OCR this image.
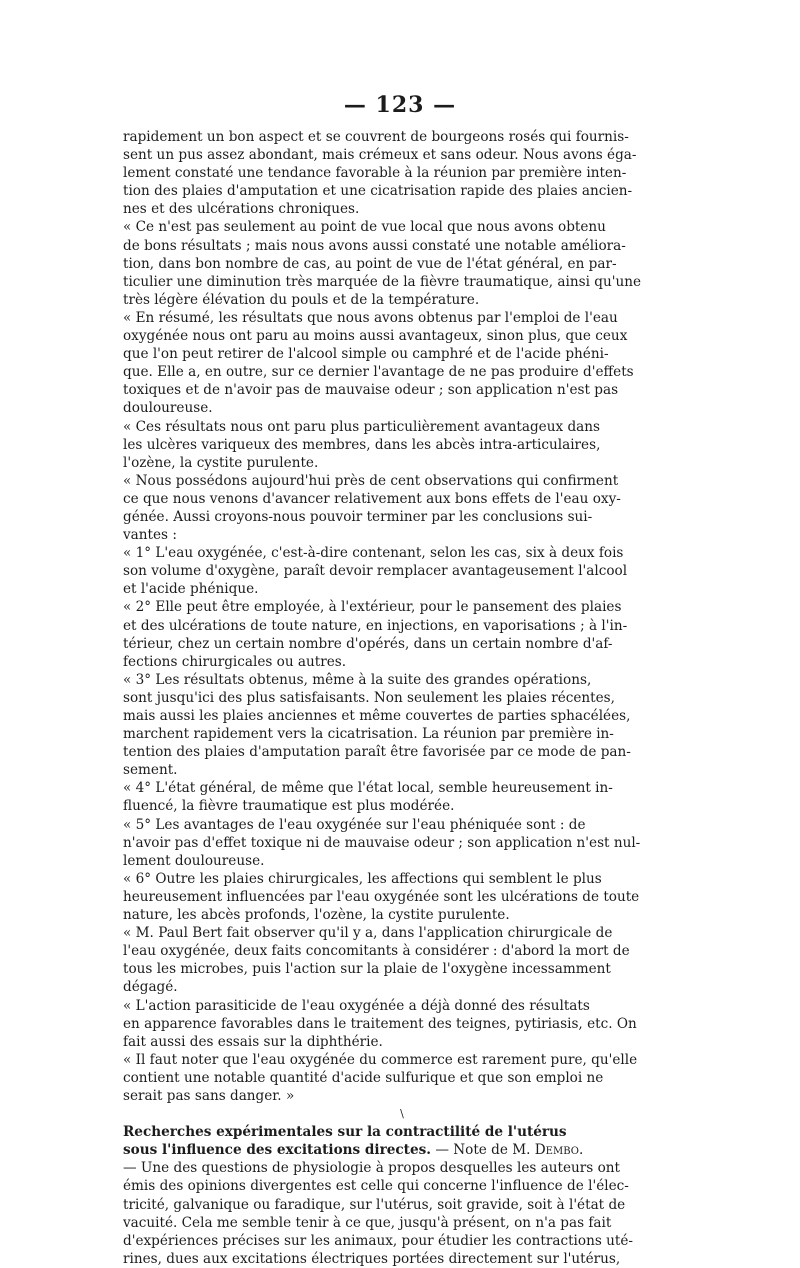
— 123 —
rapidement un bon aspect et se couvrent de bourgeons rosés qui fournis-
sent un pus assez abondant, mais crémeux et sans odeur. Nous avons éga-
lement constaté une tendance favorable à la réunion par première inten-
tion des plaies d'amputation et une cicatrisation rapide des plaies ancien-
nes et des ulcérations chroniques.
« Ce n'est pas seulement au point de vue local que nous avons obtenu
de bons résultats ; mais nous avons aussi constaté une notable améliora-
tion, dans bon nombre de cas, au point de vue de l'état général, en par-
ticulier une diminution très marquée de la fièvre traumatique, ainsi qu'une
très légère élévation du pouls et de la température.
« En résumé, les résultats que nous avons obtenus par l'emploi de l'eau
oxygénée nous ont paru au moins aussi avantageux, sinon plus, que ceux
que l'on peut retirer de l'alcool simple ou camphré et de l'acide phéni-
que. Elle a, en outre, sur ce dernier l'avantage de ne pas produire d'effets
toxiques et de n'avoir pas de mauvaise odeur ; son application n'est pas
douloureuse.
« Ces résultats nous ont paru plus particulièrement avantageux dans
les ulcères variqueux des membres, dans les abcès intra-articulaires,
l'ozène, la cystite purulente.
« Nous possédons aujourd'hui près de cent observations qui confirment
ce que nous venons d'avancer relativement aux bons effets de l'eau oxy-
génée. Aussi croyons-nous pouvoir terminer par les conclusions sui-
vantes :
« 1° L'eau oxygénée, c'est-à-dire contenant, selon les cas, six à deux fois
son volume d'oxygène, paraît devoir remplacer avantageusement l'alcool
et l'acide phénique.
« 2° Elle peut être employée, à l'extérieur, pour le pansement des plaies
et des ulcérations de toute nature, en injections, en vaporisations ; à l'in-
térieur, chez un certain nombre d'opérés, dans un certain nombre d'af-
fections chirurgicales ou autres.
« 3° Les résultats obtenus, même à la suite des grandes opérations,
sont jusqu'ici des plus satisfaisants. Non seulement les plaies récentes,
mais aussi les plaies anciennes et même couvertes de parties sphacélées,
marchent rapidement vers la cicatrisation. La réunion par première in-
tention des plaies d'amputation paraît être favorisée par ce mode de pan-
sement.
« 4° L'état général, de même que l'état local, semble heureusement in-
fluencé, la fièvre traumatique est plus modérée.
« 5° Les avantages de l'eau oxygénée sur l'eau phéniquée sont : de
n'avoir pas d'effet toxique ni de mauvaise odeur ; son application n'est nul-
lement douloureuse.
« 6° Outre les plaies chirurgicales, les affections qui semblent le plus
heureusement influencées par l'eau oxygénée sont les ulcérations de toute
nature, les abcès profonds, l'ozène, la cystite purulente.
« M. Paul Bert fait observer qu'il y a, dans l'application chirurgicale de
l'eau oxygénée, deux faits concomitants à considérer : d'abord la mort de
tous les microbes, puis l'action sur la plaie de l'oxygène incessamment
dégagé.
« L'action parasiticide de l'eau oxygénée a déjà donné des résultats
en apparence favorables dans le traitement des teignes, pytiriasis, etc. On
fait aussi des essais sur la diphthérie.
« Il faut noter que l'eau oxygénée du commerce est rarement pure, qu'elle
contient une notable quantité d'acide sulfurique et que son emploi ne
serait pas sans danger. »
\
Recherches expérimentales sur la contractilité de l'utérus
sous l'influence des excitations directes. — Note de M. Dembo.
— Une des questions de physiologie à propos desquelles les auteurs ont
émis des opinions divergentes est celle qui concerne l'influence de l'élec-
tricité, galvanique ou faradique, sur l'utérus, soit gravide, soit à l'état de
vacuité. Cela me semble tenir à ce que, jusqu'à présent, on n'a pas fait
d'expériences précises sur les animaux, pour étudier les contractions uté-
rines, dues aux excitations électriques portées directement sur l'utérus,
